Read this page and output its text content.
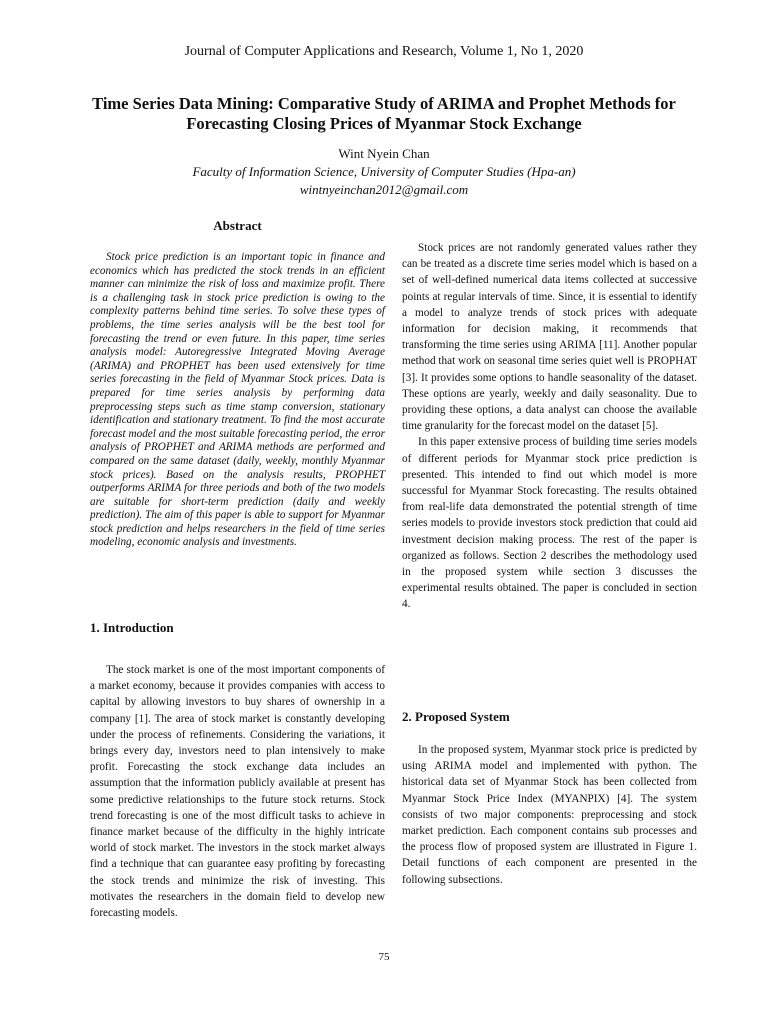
Journal of Computer Applications and Research, Volume 1, No 1, 2020
Time Series Data Mining: Comparative Study of ARIMA and Prophet Methods for Forecasting Closing Prices of Myanmar Stock Exchange
Wint Nyein Chan
Faculty of Information Science, University of Computer Studies (Hpa-an)
wintnyeinchan2012@gmail.com
Abstract

Stock price prediction is an important topic in finance and economics which has predicted the stock trends in an efficient manner can minimize the risk of loss and maximize profit. There is a challenging task in stock price prediction is owing to the complexity patterns behind time series. To solve these types of problems, the time series analysis will be the best tool for forecasting the trend or even future. In this paper, time series analysis model: Autoregressive Integrated Moving Average (ARIMA) and PROPHET has been used extensively for time series forecasting in the field of Myanmar Stock prices. Data is prepared for time series analysis by performing data preprocessing steps such as time stamp conversion, stationary identification and stationary treatment. To find the most accurate forecast model and the most suitable forecasting period, the error analysis of PROPHET and ARIMA methods are performed and compared on the same dataset (daily, weekly, monthly Myanmar stock prices). Based on the analysis results, PROPHET outperforms ARIMA for three periods and both of the two models are suitable for short-term prediction (daily and weekly prediction). The aim of this paper is able to support for Myanmar stock prediction and helps researchers in the field of time series modeling, economic analysis and investments.

1. Introduction

The stock market is one of the most important components of a market economy, because it provides companies with access to capital by allowing investors to buy shares of ownership in a company [1]. The area of stock market is constantly developing under the process of refinements. Considering the variations, it brings every day, investors need to plan intensively to make profit. Forecasting the stock exchange data includes an assumption that the information publicly available at present has some predictive relationships to the future stock returns. Stock trend forecasting is one of the most difficult tasks to achieve in finance market because of the difficulty in the highly intricate world of stock market. The investors in the stock market always find a technique that can guarantee easy profiting by forecasting the stock trends and minimize the risk of investing. This motivates the researchers in the domain field to develop new forecasting models.

Stock prices are not randomly generated values rather they can be treated as a discrete time series model which is based on a set of well-defined numerical data items collected at successive points at regular intervals of time. Since, it is essential to identify a model to analyze trends of stock prices with adequate information for decision making, it recommends that transforming the time series using ARIMA [11]. Another popular method that work on seasonal time series quiet well is PROPHAT [3]. It provides some options to handle seasonality of the dataset. These options are yearly, weekly and daily seasonality. Due to providing these options, a data analyst can choose the available time granularity for the forecast model on the dataset [5].

In this paper extensive process of building time series models of different periods for Myanmar stock price prediction is presented. This intended to find out which model is more successful for Myanmar Stock forecasting. The results obtained from real-life data demonstrated the potential strength of time series models to provide investors stock prediction that could aid investment decision making process. The rest of the paper is organized as follows. Section 2 describes the methodology used in the proposed system while section 3 discusses the experimental results obtained. The paper is concluded in section 4.

2. Proposed System

In the proposed system, Myanmar stock price is predicted by using ARIMA model and implemented with python. The historical data set of Myanmar Stock has been collected from Myanmar Stock Price Index (MYANPIX) [4]. The system consists of two major components: preprocessing and stock market prediction. Each component contains sub processes and the process flow of proposed system are illustrated in Figure 1. Detail functions of each component are presented in the following subsections.

75
